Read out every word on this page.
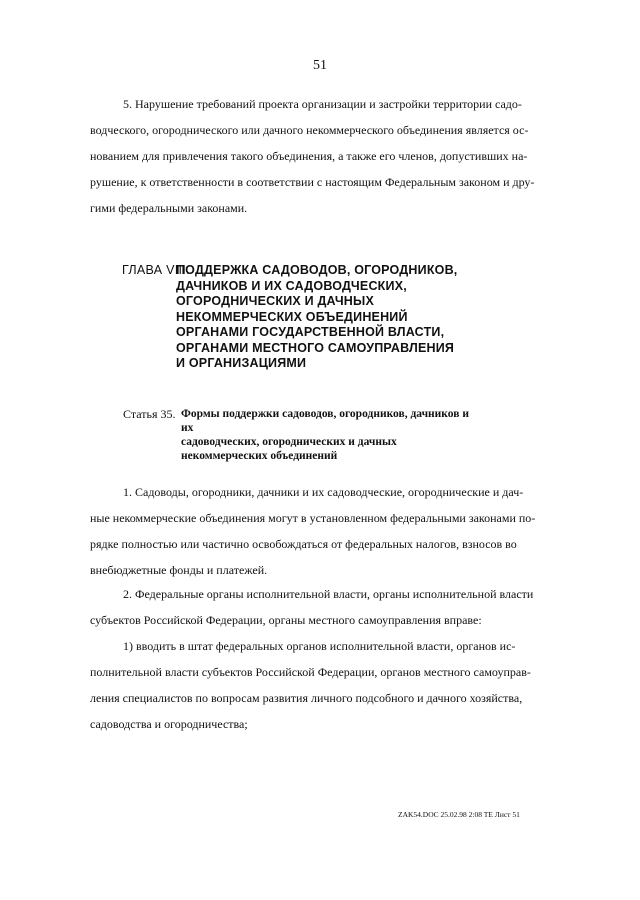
51
5. Нарушение требований проекта организации и застройки территории садо-
водческого, огороднического или дачного некоммерческого объединения является ос-
нованием для привлечения такого объединения, а также его членов, допустивших на-
рушение, к ответственности в соответствии с настоящим Федеральным законом и дру-
гими федеральными законами.
ГЛАВА VIII.
ПОДДЕРЖКА САДОВОДОВ, ОГОРОДНИКОВ,
ДАЧНИКОВ И ИХ САДОВОДЧЕСКИХ,
ОГОРОДНИЧЕСКИХ И ДАЧНЫХ
НЕКОММЕРЧЕСКИХ ОБЪЕДИНЕНИЙ
ОРГАНАМИ ГОСУДАРСТВЕННОЙ ВЛАСТИ,
ОРГАНАМИ МЕСТНОГО САМОУПРАВЛЕНИЯ
И ОРГАНИЗАЦИЯМИ
Статья 35. Формы поддержки садоводов, огородников, дачников и их
садоводческих, огороднических и дачных
некоммерческих объединений
1. Садоводы, огородники, дачники и их садоводческие, огороднические и дач-
ные некоммерческие объединения могут в установленном федеральными законами по-
рядке полностью или частично освобождаться от федеральных налогов, взносов во
внебюджетные фонды и платежей.
2. Федеральные органы исполнительной власти, органы исполнительной власти
субъектов Российской Федерации, органы местного самоуправления вправе:
1) вводить в штат федеральных органов исполнительной власти, органов ис-
полнительной власти субъектов Российской Федерации, органов местного самоуправ-
ления специалистов по вопросам развития личного подсобного и дачного хозяйства,
садоводства и огородничества;
ZAK54.DOC 25.02.98 2:08 TE Лист 51
